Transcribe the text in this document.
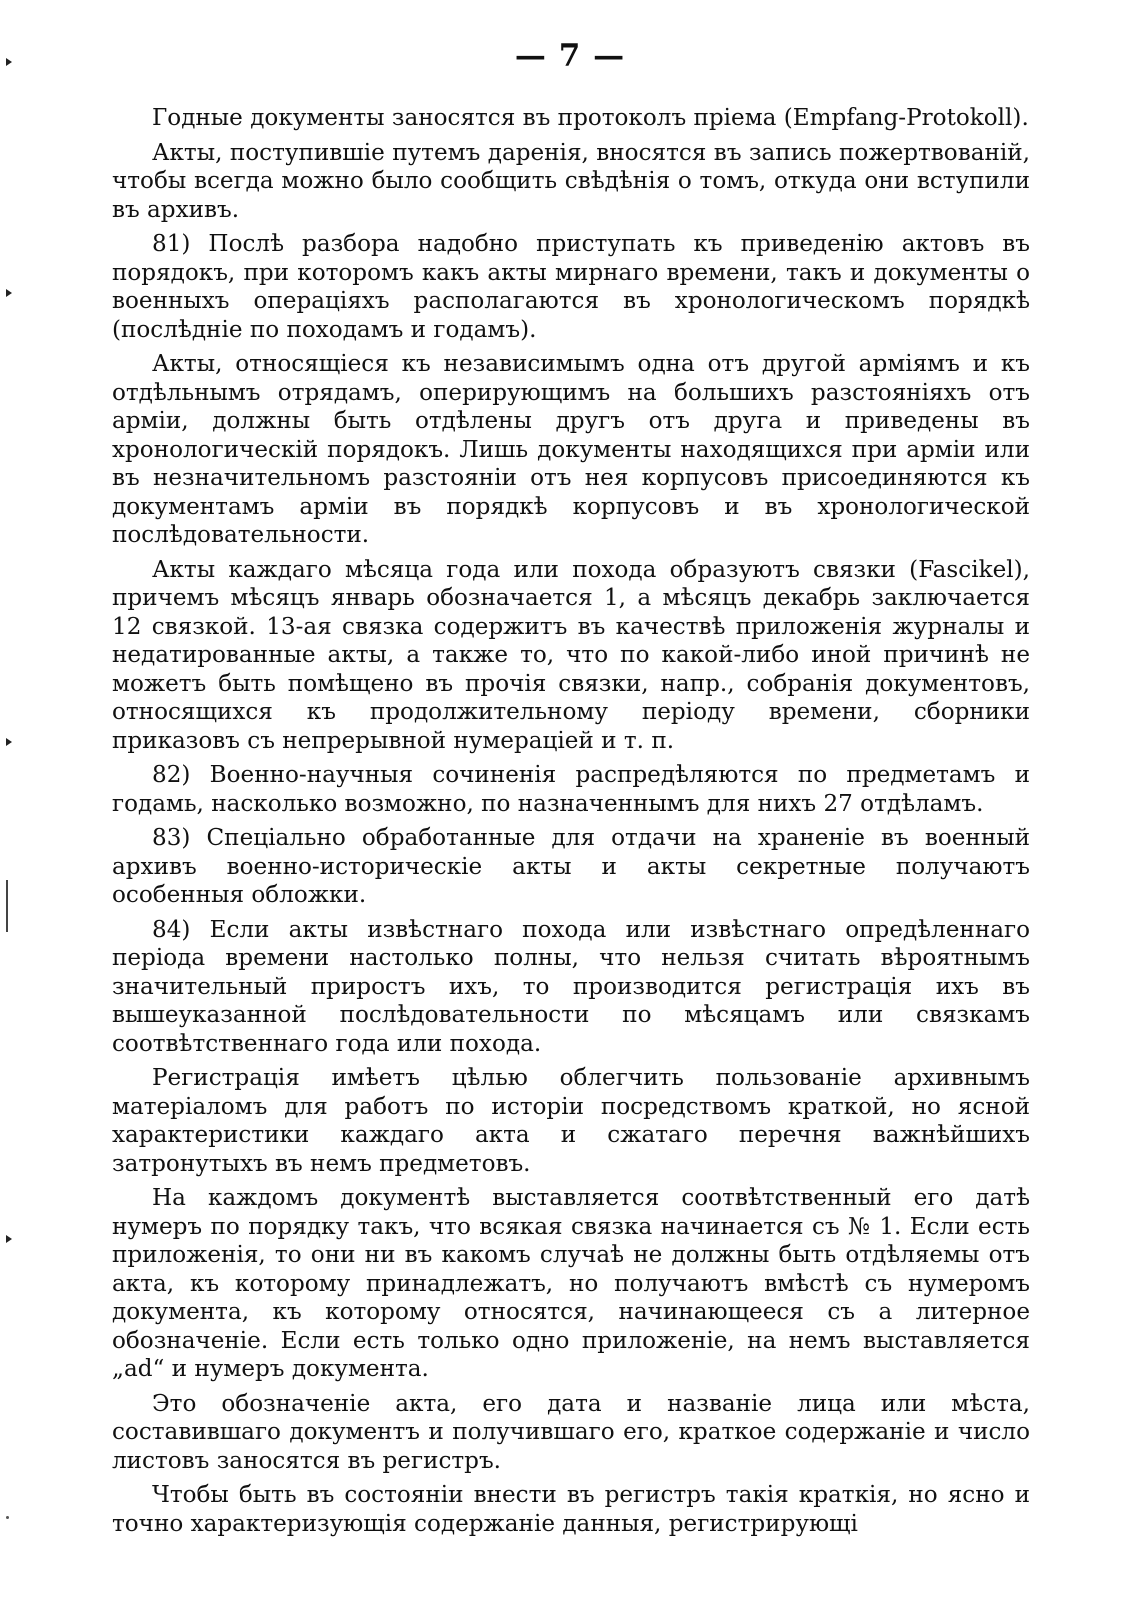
— 7 —

Годные документы заносятся въ протоколъ пріема (Empfang-Protokoll).

Акты, поступившіе путемъ даренія, вносятся въ запись пожертвованій, чтобы всегда можно было сообщить свѣдѣнія о томъ, откуда они вступили въ архивъ.

81) Послѣ разбора надобно приступать къ приведенію актовъ въ порядокъ, при которомъ какъ акты мирнаго времени, такъ и документы о военныхъ операціяхъ располагаются въ хронологическомъ порядкѣ (послѣдніе по походамъ и годамъ).

Акты, относящіеся къ независимымъ одна отъ другой арміямъ и къ отдѣльнымъ отрядамъ, оперирующимъ на большихъ разстояніяхъ отъ арміи, должны быть отдѣлены другъ отъ друга и приведены въ хронологическій порядокъ. Лишь документы находящихся при арміи или въ незначительномъ разстояніи отъ нея корпусовъ присоединяются къ документамъ арміи въ порядкѣ корпусовъ и въ хронологической послѣдовательности.

Акты каждаго мѣсяца года или похода образуютъ связки (Fascikel), причемъ мѣсяцъ январь обозначается 1, а мѣсяцъ декабрь заключается 12 связкой. 13-ая связка содержитъ въ качествѣ приложенія журналы и недатированные акты, а также то, что по какой-либо иной причинѣ не можетъ быть помѣщено въ прочія связки, напр., собранія документовъ, относящихся къ продолжительному періоду времени, сборники приказовъ съ непрерывной нумераціей и т. п.

82) Военно-научныя сочиненія распредѣляются по предметамъ и годамь, насколько возможно, по назначеннымъ для нихъ 27 отдѣламъ.

83) Спеціально обработанные для отдачи на храненіе въ военный архивъ военно-историческіе акты и акты секретные получаютъ особенныя обложки.

84) Если акты извѣстнаго похода или извѣстнаго опредѣленнаго періода времени настолько полны, что нельзя считать вѣроятнымъ значительный приростъ ихъ, то производится регистрація ихъ въ вышеуказанной послѣдовательности по мѣсяцамъ или связкамъ соотвѣтственнаго года или похода.

Регистрація имѣетъ цѣлью облегчить пользованіе архивнымъ матеріаломъ для работъ по исторіи посредствомъ краткой, но ясной характеристики каждаго акта и сжатаго перечня важнѣйшихъ затронутыхъ въ немъ предметовъ.

На каждомъ документѣ выставляется соотвѣтственный его датѣ нумеръ по порядку такъ, что всякая связка начинается съ № 1. Если есть приложенія, то они ни въ какомъ случаѣ не должны быть отдѣляемы отъ акта, къ которому принадлежатъ, но получаютъ вмѣстѣ съ нумеромъ документа, къ которому относятся, начинающееся съ a литерное обозначеніе. Если есть только одно приложеніе, на немъ выставляется „ad“ и нумеръ документа.

Это обозначеніе акта, его дата и названіе лица или мѣста, составившаго документъ и получившаго его, краткое содержаніе и число листовъ заносятся въ регистръ.

Чтобы быть въ состояніи внести въ регистръ такія краткія, но ясно и точно характеризующія содержаніе данныя, регистрирующі
